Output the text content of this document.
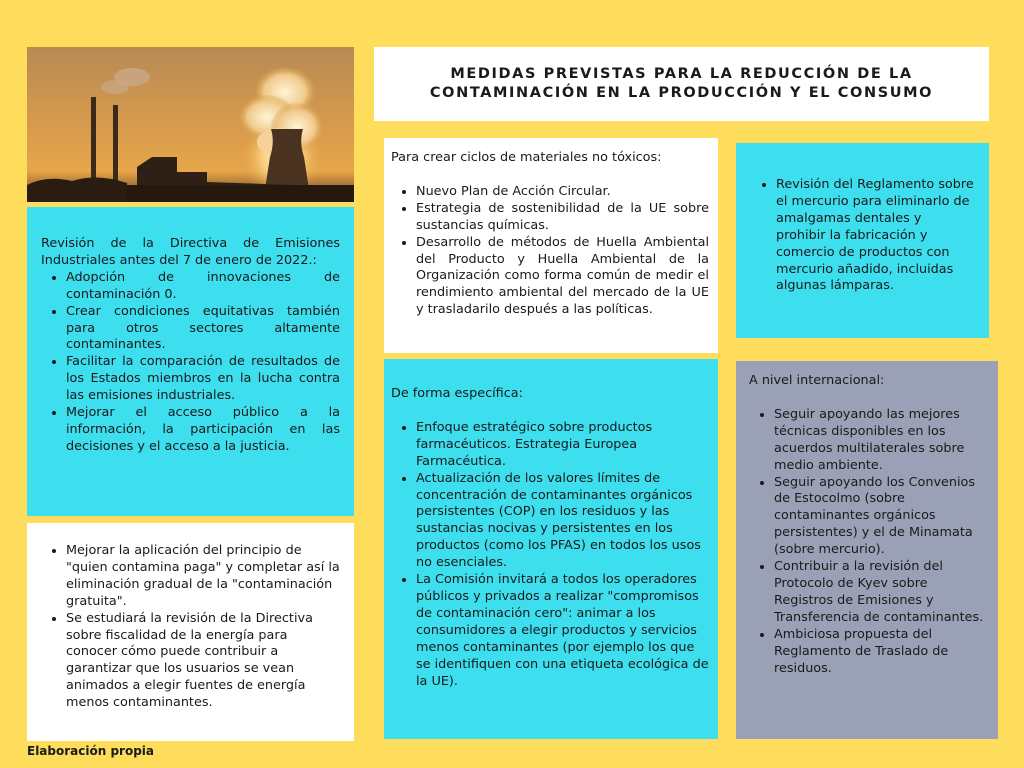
MEDIDAS PREVISTAS PARA LA REDUCCIÓN DE LA CONTAMINACIÓN EN LA PRODUCCIÓN Y EL CONSUMO

Revisión de la Directiva de Emisiones Industriales antes del 7 de enero de 2022.:

• Adopción de innovaciones de contaminación 0.
• Crear condiciones equitativas también para otros sectores altamente contaminantes.
• Facilitar la comparación de resultados de los Estados miembros en la lucha contra las emisiones industriales.
• Mejorar el acceso público a la información, la participación en las decisiones y el acceso a la justicia.
• Mejorar la aplicación del principio de "quien contamina paga" y completar así la eliminación gradual de la "contaminación gratuita".
• Se estudiará la revisión de la Directiva sobre fiscalidad de la energía para conocer cómo puede contribuir a garantizar que los usuarios se vean animados a elegir fuentes de energía menos contaminantes.

Para crear ciclos de materiales no tóxicos:

• Nuevo Plan de Acción Circular.
• Estrategia de sostenibilidad de la UE sobre sustancias químicas.
• Desarrollo de métodos de Huella Ambiental del Producto y Huella Ambiental de la Organización como forma común de medir el rendimiento ambiental del mercado de la UE y trasladarilo después a las políticas.

De forma específica:

• Enfoque estratégico sobre productos farmacéuticos. Estrategia Europea Farmacéutica.
• Actualización de los valores límites de concentración de contaminantes orgánicos persistentes (COP) en los residuos y las sustancias nocivas y persistentes en los productos (como los PFAS) en todos los usos no esenciales.
• La Comisión invitará a todos los operadores públicos y privados a realizar "compromisos de contaminación cero": animar a los consumidores a elegir productos y servicios menos contaminantes (por ejemplo los que se identifiquen con una etiqueta ecológica de la UE).
• Revisión del Reglamento sobre el mercurio para eliminarlo de amalgamas dentales y prohibir la fabricación y comercio de productos con mercurio añadido, incluidas algunas lámparas.

A nivel internacional:

• Seguir apoyando las mejores técnicas disponibles en los acuerdos multilaterales sobre medio ambiente.
• Seguir apoyando los Convenios de Estocolmo (sobre contaminantes orgánicos persistentes) y el de Minamata (sobre mercurio).
• Contribuir a la revisión del Protocolo de Kyev sobre Registros de Emisiones y Transferencia de contaminantes.
• Ambiciosa propuesta del Reglamento de Traslado de residuos.
Elaboración propia
